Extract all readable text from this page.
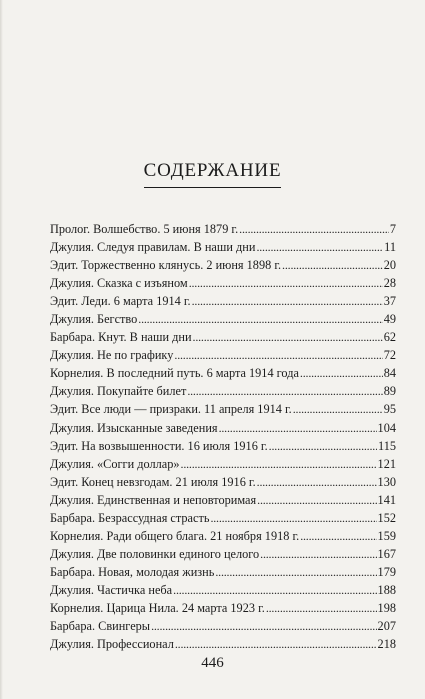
СОДЕРЖАНИЕ
Пролог. Волшебство. 5 июня 1879 г. . . .	7
Джулия. Следуя правилам. В наши дни . . .	11
Эдит. Торжественно клянусь. 2 июня 1898 г. . . .	20
Джулия. Сказка с изъяном . . .	28
Эдит. Леди. 6 марта 1914 г. . . .	37
Джулия. Бегство . . .	49
Барбара. Кнут. В наши дни . . .	62
Джулия. Не по графику . . .	72
Корнелия. В последний путь. 6 марта 1914 года . . .	84
Джулия. Покупайте билет . . .	89
Эдит. Все люди — призраки. 11 апреля 1914 г. . . .	95
Джулия. Изысканные заведения . . .	104
Эдит. На возвышенности. 16 июля 1916 г. . . .	115
Джулия. «Согги доллар» . . .	121
Эдит. Конец невзгодам. 21 июля 1916 г. . . .	130
Джулия. Единственная и неповторимая . . .	141
Барбара. Безрассудная страсть . . .	152
Корнелия. Ради общего блага. 21 ноября 1918 г. . . .	159
Джулия. Две половинки единого целого . . .	167
Барбара. Новая, молодая жизнь . . .	179
Джулия. Частичка неба . . .	188
Корнелия. Царица Нила. 24 марта 1923 г. . . .	198
Барбара. Свингеры . . .	207
Джулия. Профессионал . . .	218
446
